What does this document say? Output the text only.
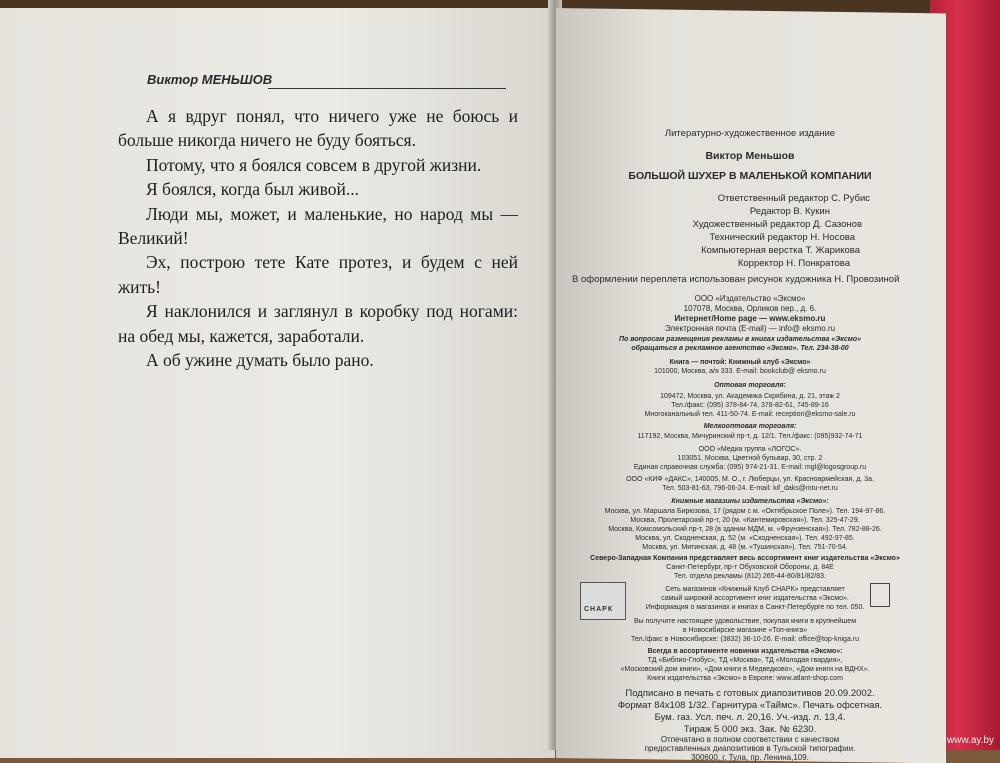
Виктор МЕНЬШОВ

А я вдруг понял, что ничего уже не боюсь и больше никогда ничего не буду бояться.

Потому, что я боялся совсем в другой жизни.

Я боялся, когда был живой...

Люди мы, может, и маленькие, но народ мы — Великий!

Эх, построю тете Кате протез, и будем с ней жить!

Я наклонился и заглянул в коробку под ногами: на обед мы, кажется, заработали.

А об ужине думать было рано.

Литературно-художественное издание
Виктор Меньшов
БОЛЬШОЙ ШУХЕР В МАЛЕНЬКОЙ КОМПАНИИ
Ответственный редактор С. Рубис
Редактор В. Кукин
Художественный редактор Д. Сазонов
Технический редактор Н. Носова
Компьютерная верстка Т. Жарикова
Корректор Н. Понкратова
В оформлении переплета использован рисунок художника Н. Провозиной
ООО «Издательство «Эксмо»
107078, Москва, Орликов пер., д. 6.
Интернет/Home page — www.eksmo.ru
Электронная почта (E-mail) — info@ eksmo.ru
По вопросам размещения рекламы в книгах издательства «Эксмо»
обращаться в рекламное агентство «Эксмо». Тел. 234-38-00
Книга — почтой: Книжный клуб «Эксмо»
101000, Москва, а/я 333. E-mail: bookclub@ eksmo.ru
Оптовая торговля:
109472, Москва, ул. Академика Скрябина, д. 21, этаж 2
Тел./факс: (095) 378-84-74, 378-82-61, 745-89-16
Многоканальный тел. 411-50-74. E-mail: reception@eksmo-sale.ru
Мелкооптовая торговля:
117192, Москва, Мичуринский пр-т, д. 12/1. Тел./факс: (095)932-74-71
ООО «Медиа группа «ЛОГОС».
103051, Москва, Цветной бульвар, 30, стр. 2
Единая справочная служба: (095) 974-21-31. E-mail: mgl@logosgroup.ru
ООО «КИФ «ДАКС», 140005, М. О., г. Люберцы, ул. Красноармейская, д. 3а.
Тел. 503-81-63, 796-06-24. E-mail: kif_daks@mtu-net.ru
Книжные магазины издательства «Эксмо»:
Москва, ул. Маршала Бирюзова, 17 (рядом с м. «Октябрьское Поле»). Тел. 194-97-86.
Москва, Пролетарский пр-т, 20 (м. «Кантемировская»). Тел. 325-47-29.
Москва, Комсомольский пр-т, 28 (в здании МДМ, м. «Фрунзенская»). Тел. 782-88-26.
Москва, ул. Скодненская, д. 52 (м. «Сходненская»). Тел. 492-97-85.
Москва, ул. Митинская, д. 48 (м. «Тушинская»). Тел. 751-70-54.
Северо-Западная Компания представляет весь ассортимент книг издательства «Эксмо»
Санкт-Петербург, пр-т Обуховской Обороны, д. 84Е
Тел. отдела рекламы (812) 265-44-80/81/82/83.
СНАРК
Сеть магазинов «Книжный Клуб СНАРК» представляет
самый широкий ассортимент книг издательства «Эксмо».
Информация о магазинах и книгах в Санкт-Петербурге по тел. 050.
Вы получите настоящее удовольствие, покупая книги в крупнейшем
в Новосибирске магазине «Топ-книга»
Тел./факс в Новосибирске: (3832) 36-10-26. E-mail: office@top-kniga.ru
Всегда в ассортименте новинки издательства «Эксмо»:
ТД «Библио-Глобус», ТД «Москва», ТД «Молодая гвардия»,
«Московский дом книги», «Дом книги в Медведково», «Дом книги на ВДНХ».
Книги издательства «Эксмо» в Европе: www.atlant-shop.com
Подписано в печать с готовых диапозитивов 20.09.2002.
Формат 84x108 1/32. Гарнитура «Таймс». Печать офсетная.
Бум. газ. Усл. печ. л. 20,16. Уч.-изд. л. 13,4.
Тираж 5 000 экз. Зак. № 6230.
Отпечатано в полном соответствии с качеством
предоставленных диапозитивов в Тульской типографии.
300600, г. Тула, пр. Ленина,109.
www.ay.by
